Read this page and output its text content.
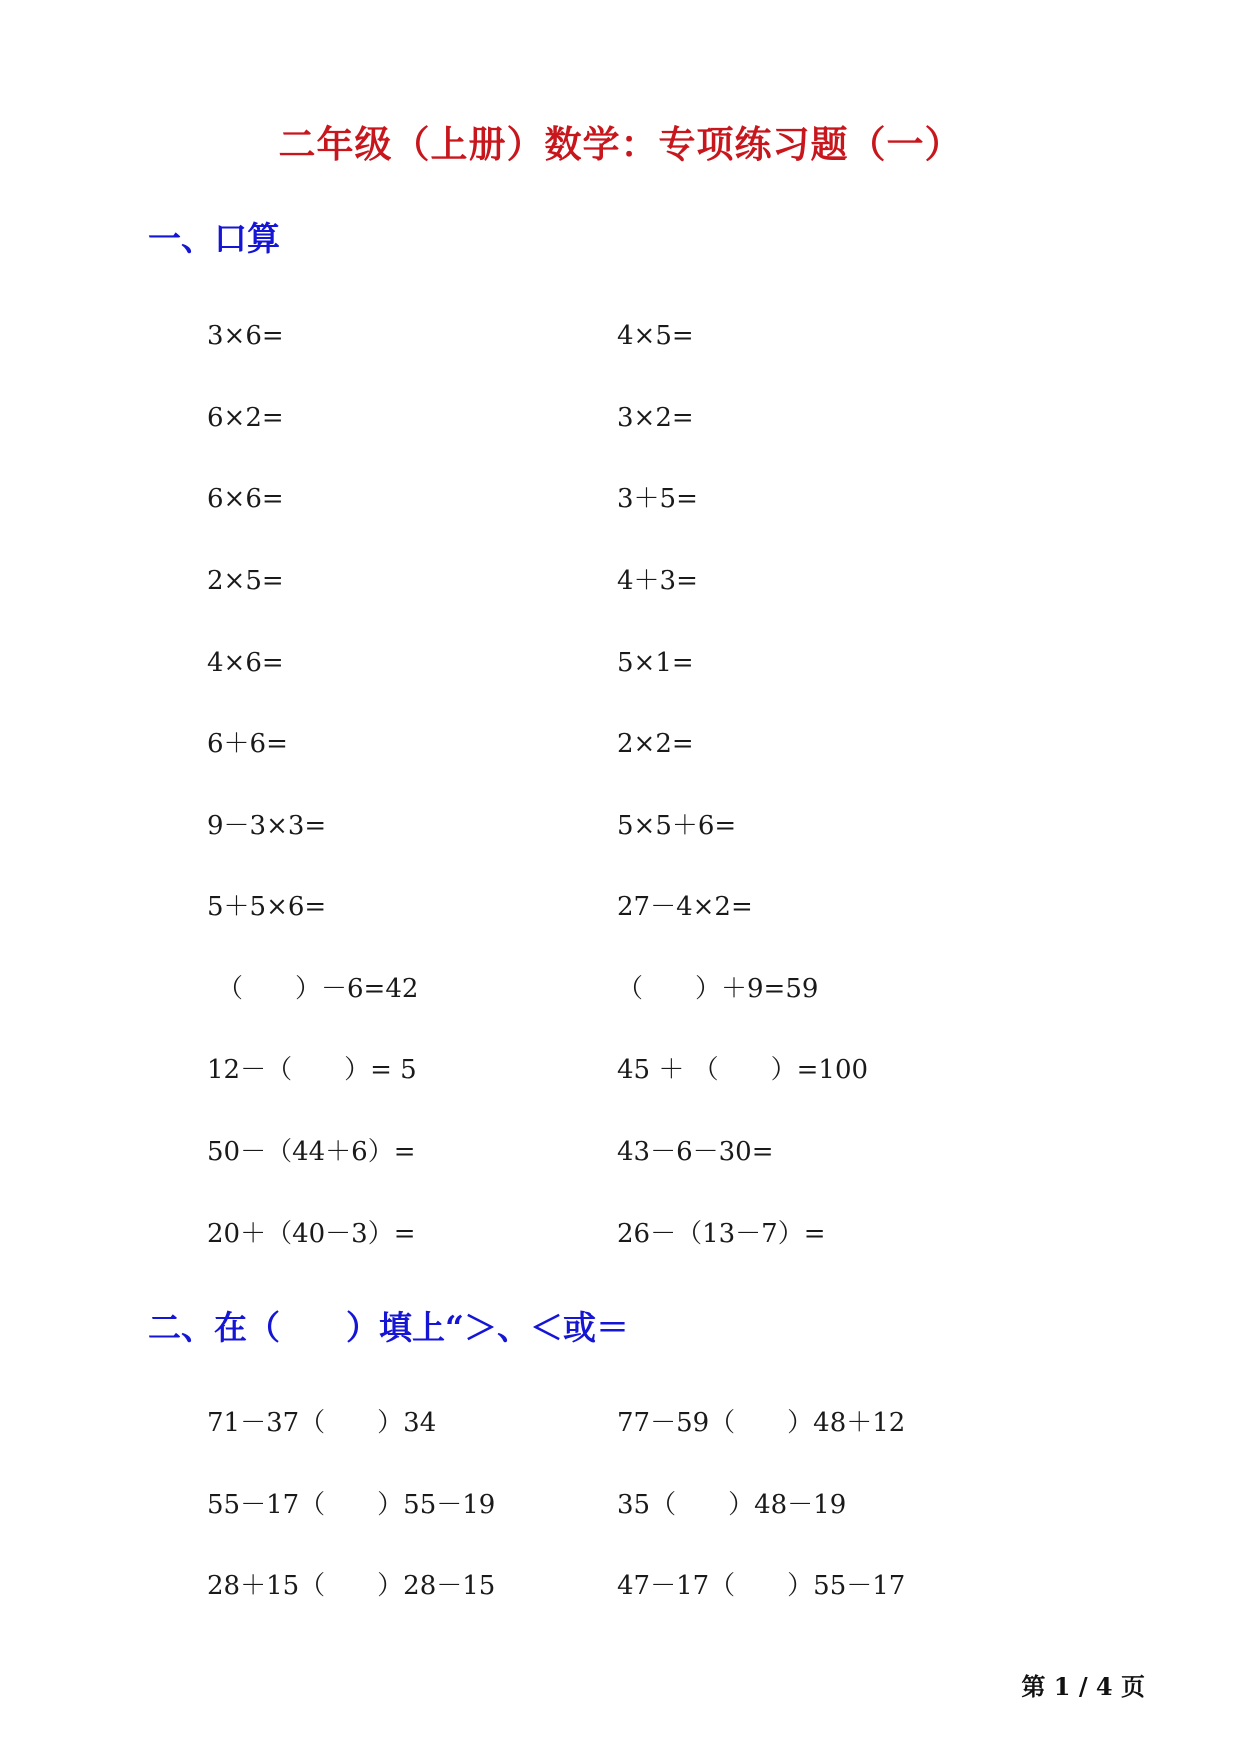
二年级（上册）数学：专项练习题（一）
一、口算
3×6=	4×5=
6×2=	3×2=
6×6=	3＋5=
2×5=	4＋3=
4×6=	5×1=
6＋6=	2×2=
9－3×3=	5×5＋6=
5＋5×6=	27－4×2=
（　　）－6=42	（　　）＋9=59
12－（　　）= 5	45 ＋ （　　）=100
50－（44＋6）=	43－6－30=
20＋（40－3）=	26－（13－7）=
二、在（　　）填上“＞、＜或＝
71－37（　　）34	77－59（　　）48＋12
55－17（　　）55－19	35（　　）48－19
28＋15（　　）28－15	47－17（　　）55－17
第 1 / 4 页
